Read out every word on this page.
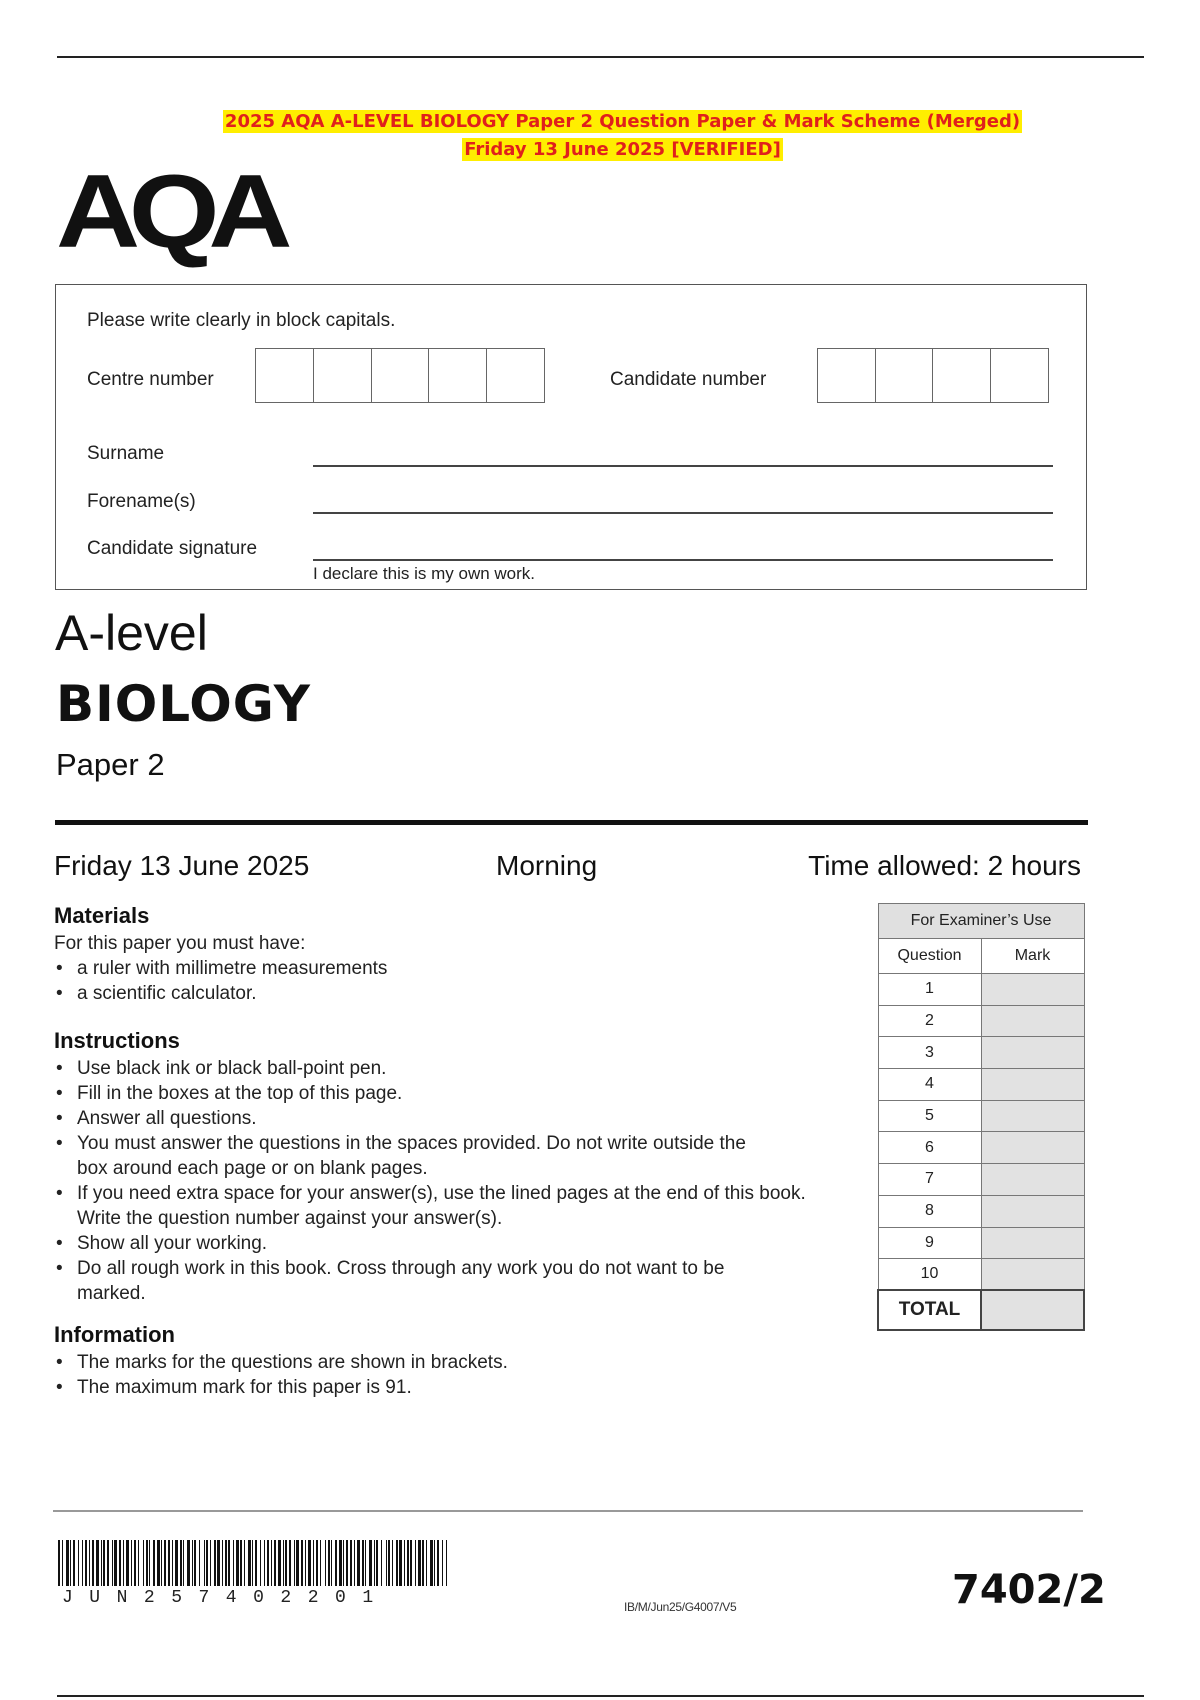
2025 AQA A-LEVEL BIOLOGY Paper 2 Question Paper & Mark Scheme (Merged)
Friday 13 June 2025 [VERIFIED]
AQA
Please write clearly in block capitals.
Centre number	Candidate number
Surname
Forename(s)
Candidate signature
I declare this is my own work.
A-level
BIOLOGY
Paper 2
Friday 13 June 2025	Morning	Time allowed: 2 hours
Materials

For this paper you must have:

• a ruler with millimetre measurements
• a scientific calculator.
Instructions
• Use black ink or black ball-point pen.
• Fill in the boxes at the top of this page.
• Answer all questions.
• You must answer the questions in the spaces provided. Do not write outside the box around each page or on blank pages.
• If you need extra space for your answer(s), use the lined pages at the end of this book. Write the question number against your answer(s).
• Show all your working.
• Do all rough work in this book. Cross through any work you do not want to be marked.
Information
• The marks for the questions are shown in brackets.
• The maximum mark for this paper is 91.
For Examiner’s Use	
Question	Mark
1	
2	
3	
4	
5	
6	
7	
8	
9	
10	
TOTAL	
JUN257402201	IB/M/Jun25/G4007/V5	7402/2
